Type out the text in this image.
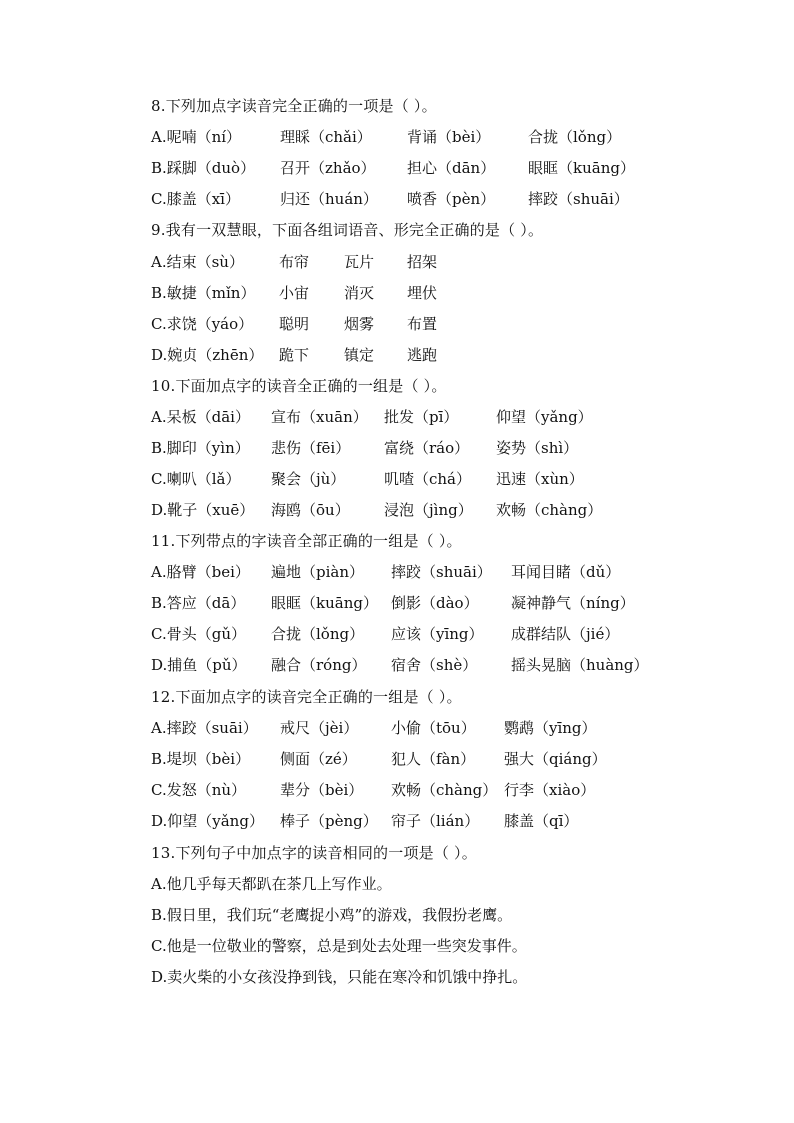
8.下列加点字读音完全正确的一项是（ ）。
A.呢喃（ní）	理睬（chǎi） 背诵（bèi）	合拢（lǒng）
B.踩脚（duò） 召开（zhǎo） 担心（dān） 眼眶（kuāng）
C.膝盖（xī）	归还（huán） 喷香（pèn） 摔跤（shuāi）
9.我有一双慧眼，下面各组词语音、形完全正确的是（ ）。
A.结束（sù） 布帘 瓦片 招架
B.敏捷（mǐn） 小宙 消灭 埋伏
C.求饶（yáo） 聪明 烟雾 布置
D.婉贞（zhēn） 跪下 镇定 逃跑
10.下面加点字的读音全正确的一组是（ ）。
A.呆板（dāi） 宣布（xuān） 批发（pī）	仰望（yǎng）
B.脚印（yìn） 悲伤（fēi） 富绕（ráo） 姿势（shì）
C.喇叭（lǎ） 聚会（jù）	叽喳（chá） 迅速（xùn）
D.靴子（xuē） 海鸥（ōu） 浸泡（jìng） 欢畅（chàng）
11.下列带点的字读音全部正确的一组是（ ）。
A.胳臂（bei） 遍地（piàn） 摔跤（shuāi） 耳闻目睹（dǔ）
B.答应（dā） 眼眶（kuāng） 倒影（dào） 凝神静气（níng）
C.骨头（gǔ） 合拢（lǒng） 应该（yīng） 成群结队（jié）
D.捕鱼（pǔ） 融合（róng） 宿舍（shè） 摇头晃脑（huàng）
12.下面加点字的读音完全正确的一组是（ ）。
A.摔跤（suāi） 戒尺（jèi） 小偷（tōu） 鹦鹉（yīng）
B.堤坝（bèi） 侧面（zé） 犯人（fàn） 强大（qiáng）
C.发怒（nù） 辈分（bèi） 欢畅（chàng） 行李（xiào）
D.仰望（yǎng） 棒子（pèng） 帘子（lián） 膝盖（qī）
13.下列句子中加点字的读音相同的一项是（ ）。
A.他几乎每天都趴在茶几上写作业。
B.假日里，我们玩“老鹰捉小鸡”的游戏，我假扮老鹰。
C.他是一位敬业的警察，总是到处去处理一些突发事件。
D.卖火柴的小女孩没挣到钱，只能在寒冷和饥饿中挣扎。
